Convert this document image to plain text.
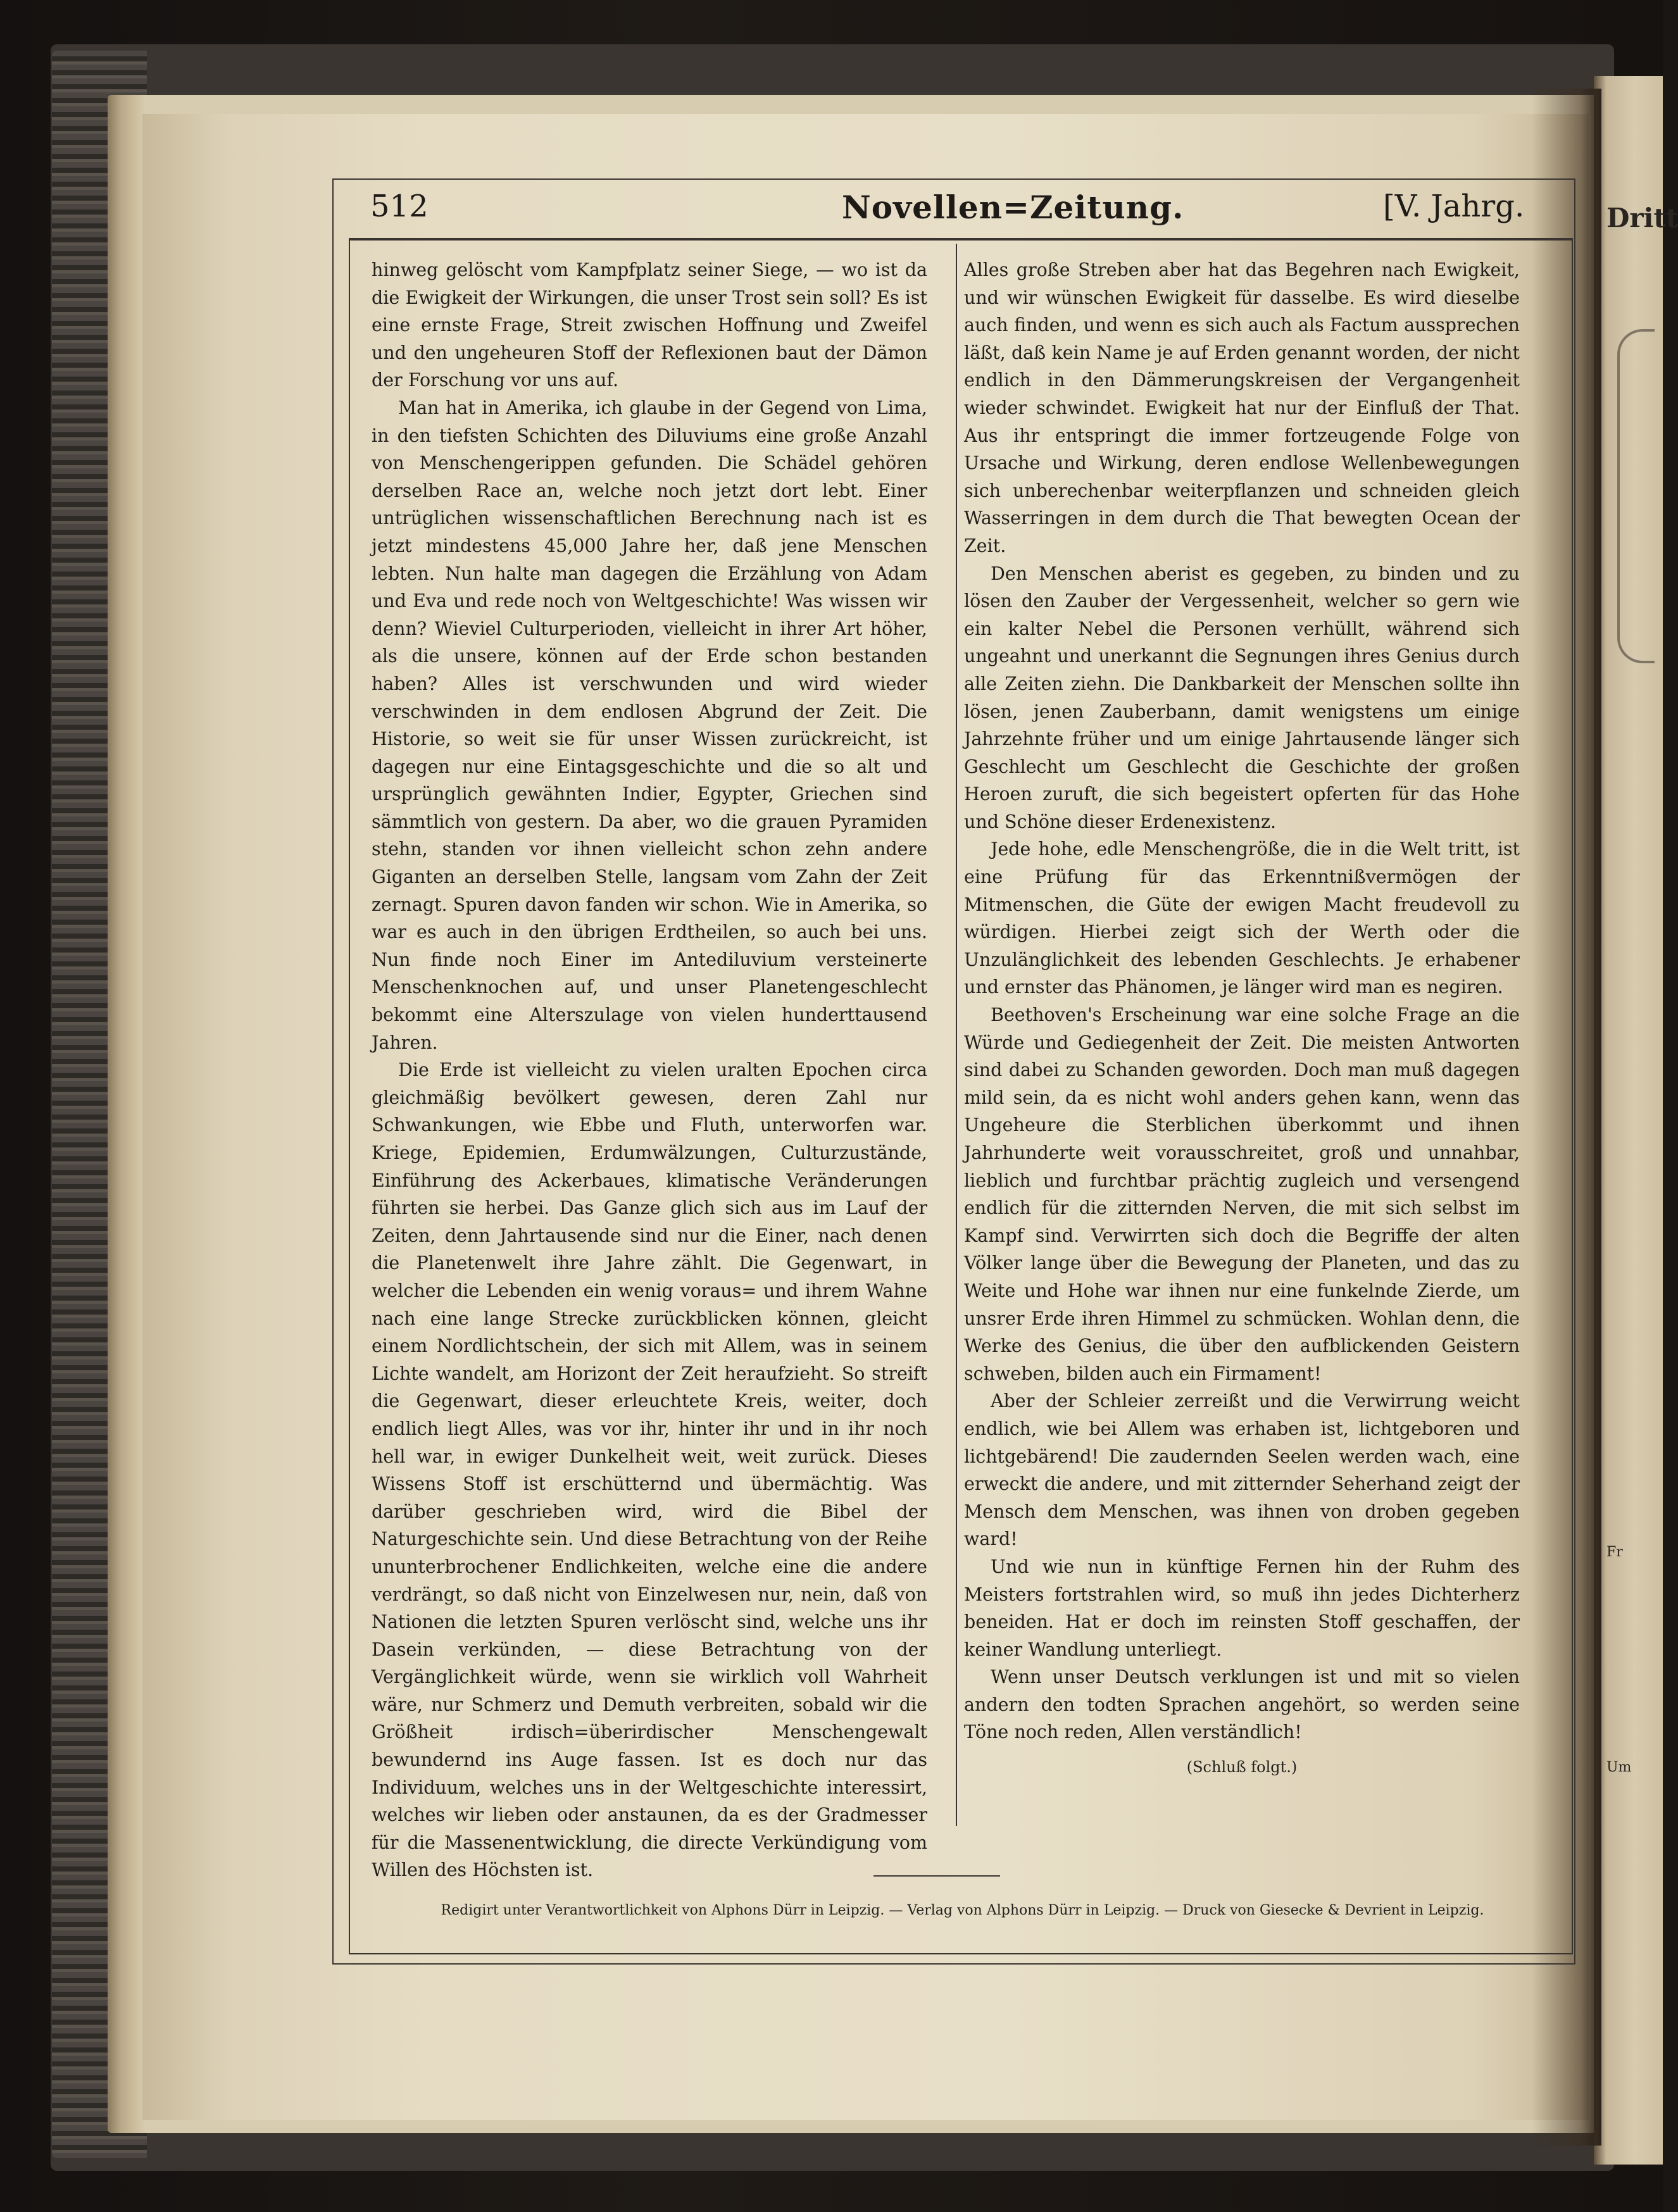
Dritt
Fr
Um
512	Novellen=Zeitung.	[V. Jahrg.

hinweg gelöscht vom Kampfplatz seiner Siege, — wo ist da die Ewigkeit der Wirkungen, die unser Trost sein soll? Es ist eine ernste Frage, Streit zwischen Hoffnung und Zweifel und den ungeheuren Stoff der Reflexionen baut der Dämon der Forschung vor uns auf.

Man hat in Amerika, ich glaube in der Gegend von Lima, in den tiefsten Schichten des Diluviums eine große Anzahl von Menschengerippen gefunden. Die Schädel gehören derselben Race an, welche noch jetzt dort lebt. Einer untrüglichen wissenschaftlichen Berechnung nach ist es jetzt mindestens 45,000 Jahre her, daß jene Menschen lebten. Nun halte man dagegen die Erzählung von Adam und Eva und rede noch von Weltgeschichte! Was wissen wir denn? Wieviel Culturperioden, vielleicht in ihrer Art höher, als die unsere, können auf der Erde schon bestanden haben? Alles ist verschwunden und wird wieder verschwinden in dem endlosen Abgrund der Zeit. Die Historie, so weit sie für unser Wissen zurückreicht, ist dagegen nur eine Eintagsgeschichte und die so alt und ursprünglich gewähnten Indier, Egypter, Griechen sind sämmtlich von gestern. Da aber, wo die grauen Pyramiden stehn, standen vor ihnen vielleicht schon zehn andere Giganten an derselben Stelle, langsam vom Zahn der Zeit zernagt. Spuren davon fanden wir schon. Wie in Amerika, so war es auch in den übrigen Erdtheilen, so auch bei uns. Nun finde noch Einer im Antediluvium versteinerte Menschenknochen auf, und unser Planetengeschlecht bekommt eine Alterszulage von vielen hunderttausend Jahren.

Die Erde ist vielleicht zu vielen uralten Epochen circa gleichmäßig bevölkert gewesen, deren Zahl nur Schwankungen, wie Ebbe und Fluth, unterworfen war. Kriege, Epidemien, Erdumwälzungen, Culturzustände, Einführung des Ackerbaues, klimatische Veränderungen führten sie herbei. Das Ganze glich sich aus im Lauf der Zeiten, denn Jahrtausende sind nur die Einer, nach denen die Planetenwelt ihre Jahre zählt. Die Gegenwart, in welcher die Lebenden ein wenig voraus= und ihrem Wahne nach eine lange Strecke zurückblicken können, gleicht einem Nordlichtschein, der sich mit Allem, was in seinem Lichte wandelt, am Horizont der Zeit heraufzieht. So streift die Gegenwart, dieser erleuchtete Kreis, weiter, doch endlich liegt Alles, was vor ihr, hinter ihr und in ihr noch hell war, in ewiger Dunkelheit weit, weit zurück. Dieses Wissens Stoff ist erschütternd und übermächtig. Was darüber geschrieben wird, wird die Bibel der Naturgeschichte sein. Und diese Betrachtung von der Reihe ununterbrochener Endlichkeiten, welche eine die andere verdrängt, so daß nicht von Einzelwesen nur, nein, daß von Nationen die letzten Spuren verlöscht sind, welche uns ihr Dasein verkünden, — diese Betrachtung von der Vergänglichkeit würde, wenn sie wirklich voll Wahrheit wäre, nur Schmerz und Demuth verbreiten, sobald wir die Größheit irdisch=überirdischer Menschengewalt bewundernd ins Auge fassen. Ist es doch nur das Individuum, welches uns in der Weltgeschichte interessirt, welches wir lieben oder anstaunen, da es der Gradmesser für die Massenentwicklung, die directe Verkündigung vom Willen des Höchsten ist.

Alles große Streben aber hat das Begehren nach Ewigkeit, und wir wünschen Ewigkeit für dasselbe. Es wird dieselbe auch finden, und wenn es sich auch als Factum aussprechen läßt, daß kein Name je auf Erden genannt worden, der nicht endlich in den Dämmerungskreisen der Vergangenheit wieder schwindet. Ewigkeit hat nur der Einfluß der That. Aus ihr entspringt die immer fortzeugende Folge von Ursache und Wirkung, deren endlose Wellenbewegungen sich unberechenbar weiterpflanzen und schneiden gleich Wasserringen in dem durch die That bewegten Ocean der Zeit.

Den Menschen aberist es gegeben, zu binden und zu lösen den Zauber der Vergessenheit, welcher so gern wie ein kalter Nebel die Personen verhüllt, während sich ungeahnt und unerkannt die Segnungen ihres Genius durch alle Zeiten ziehn. Die Dankbarkeit der Menschen sollte ihn lösen, jenen Zauberbann, damit wenigstens um einige Jahrzehnte früher und um einige Jahrtausende länger sich Geschlecht um Geschlecht die Geschichte der großen Heroen zuruft, die sich begeistert opferten für das Hohe und Schöne dieser Erdenexistenz.

Jede hohe, edle Menschengröße, die in die Welt tritt, ist eine Prüfung für das Erkenntnißvermögen der Mitmenschen, die Güte der ewigen Macht freudevoll zu würdigen. Hierbei zeigt sich der Werth oder die Unzulänglichkeit des lebenden Geschlechts. Je erhabener und ernster das Phänomen, je länger wird man es negiren.

Beethoven's Erscheinung war eine solche Frage an die Würde und Gediegenheit der Zeit. Die meisten Antworten sind dabei zu Schanden geworden. Doch man muß dagegen mild sein, da es nicht wohl anders gehen kann, wenn das Ungeheure die Sterblichen überkommt und ihnen Jahrhunderte weit vorausschreitet, groß und unnahbar, lieblich und furchtbar prächtig zugleich und versengend endlich für die zitternden Nerven, die mit sich selbst im Kampf sind. Verwirrten sich doch die Begriffe der alten Völker lange über die Bewegung der Planeten, und das zu Weite und Hohe war ihnen nur eine funkelnde Zierde, um unsrer Erde ihren Himmel zu schmücken. Wohlan denn, die Werke des Genius, die über den aufblickenden Geistern schweben, bilden auch ein Firmament!

Aber der Schleier zerreißt und die Verwirrung weicht endlich, wie bei Allem was erhaben ist, lichtgeboren und lichtgebärend! Die zaudernden Seelen werden wach, eine erweckt die andere, und mit zitternder Seherhand zeigt der Mensch dem Menschen, was ihnen von droben gegeben ward!

Und wie nun in künftige Fernen hin der Ruhm des Meisters fortstrahlen wird, so muß ihn jedes Dichterherz beneiden. Hat er doch im reinsten Stoff geschaffen, der keiner Wandlung unterliegt.

Wenn unser Deutsch verklungen ist und mit so vielen andern den todten Sprachen angehört, so werden seine Töne noch reden, Allen verständlich!

(Schluß folgt.)
Redigirt unter Verantwortlichkeit von Alphons Dürr in Leipzig. — Verlag von Alphons Dürr in Leipzig. — Druck von Giesecke & Devrient in Leipzig.
